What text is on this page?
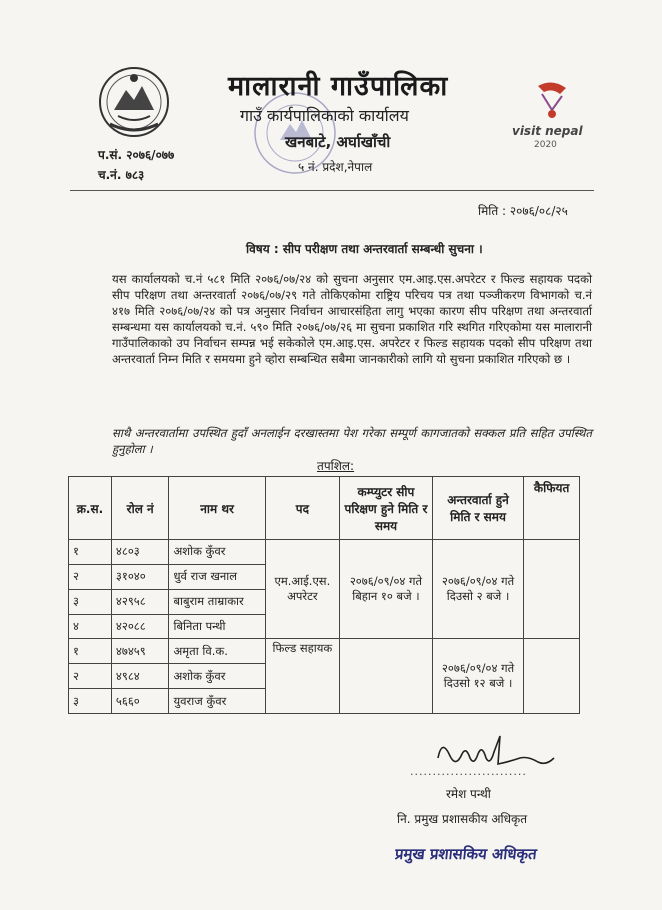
मालारानी गाउँपालिका
गाउँ कार्यपालिकाको कार्यालय
खनबाटे, अर्घाखाँची
५ नं. प्रदेश,नेपाल
प.सं. २०७६/०७७
च.नं. ७८३
visit nepal
2020
मिति : २०७६/०८/२५
विषय : सीप परीक्षण तथा अन्तरवार्ता सम्बन्धी सुचना ।
यस कार्यालयको च.नं ५८१ मिति २०७६/०७/२४ को सुचना अनुसार एम.आइ.एस.अपरेटर र फिल्ड सहायक पदको सीप परिक्षण तथा अन्तरवार्ता २०७६/०७/२९ गते तोकिएकोमा राष्ट्रिय परिचय पत्र तथा पञ्जीकरण विभागको च.नं ४१७ मिति २०७६/०७/२४ को पत्र अनुसार निर्वाचन आचारसंहिता लागु भएका कारण सीप परिक्षण तथा अन्तरवार्ता सम्बन्धमा यस कार्यालयको च.नं. ५९० मिति २०७६/०७/२६ मा सुचना प्रकाशित गरि स्थगित गरिएकोमा यस मालारानी गाउँपालिकाको उप निर्वाचन सम्पन्न भई सकेकोले एम.आइ.एस. अपरेटर र फिल्ड सहायक पदको सीप परिक्षण तथा अन्तरवार्ता निम्न मिति र समयमा हुने व्होरा सम्बन्धित सबैमा जानकारीको लागि यो सुचना प्रकाशित गरिएको छ ।
साथै अन्तरवार्तामा उपस्थित हुदाँ अनलाईन दरखास्तमा पेश गरेका सम्पूर्ण कागजातको सक्कल प्रति सहित उपस्थित हुनुहोला ।
तपशिल:
क्र.स.	रोल नं	नाम थर	पद	कम्प्युटर सीप परिक्षण हुने मिति र समय	अन्तरवार्ता हुने मिति र समय	कैफियत
१	४८०३	अशोक कुँवर	एम.आई.एस. अपरेटर	२०७६/०९/०४ गते बिहान १० बजे ।	२०७६/०९/०४ गते दिउसो २ बजे ।	
२	३१०४०	धुर्व राज खनाल				
३	४२९५८	बाबुराम ताम्राकार				
४	४२०८८	बिनिता पन्थी				
१	४७४५९	अमृता वि.क.	फिल्ड सहायक		२०७६/०९/०४ गते दिउसो १२ बजे ।	
२	४९८४	अशोक कुँवर				
३	५६६०	युवराज कुँवर				
..........................
रमेश पन्थी
नि. प्रमुख प्रशासकीय अधिकृत
प्रमुख प्रशासकिय अधिकृत
